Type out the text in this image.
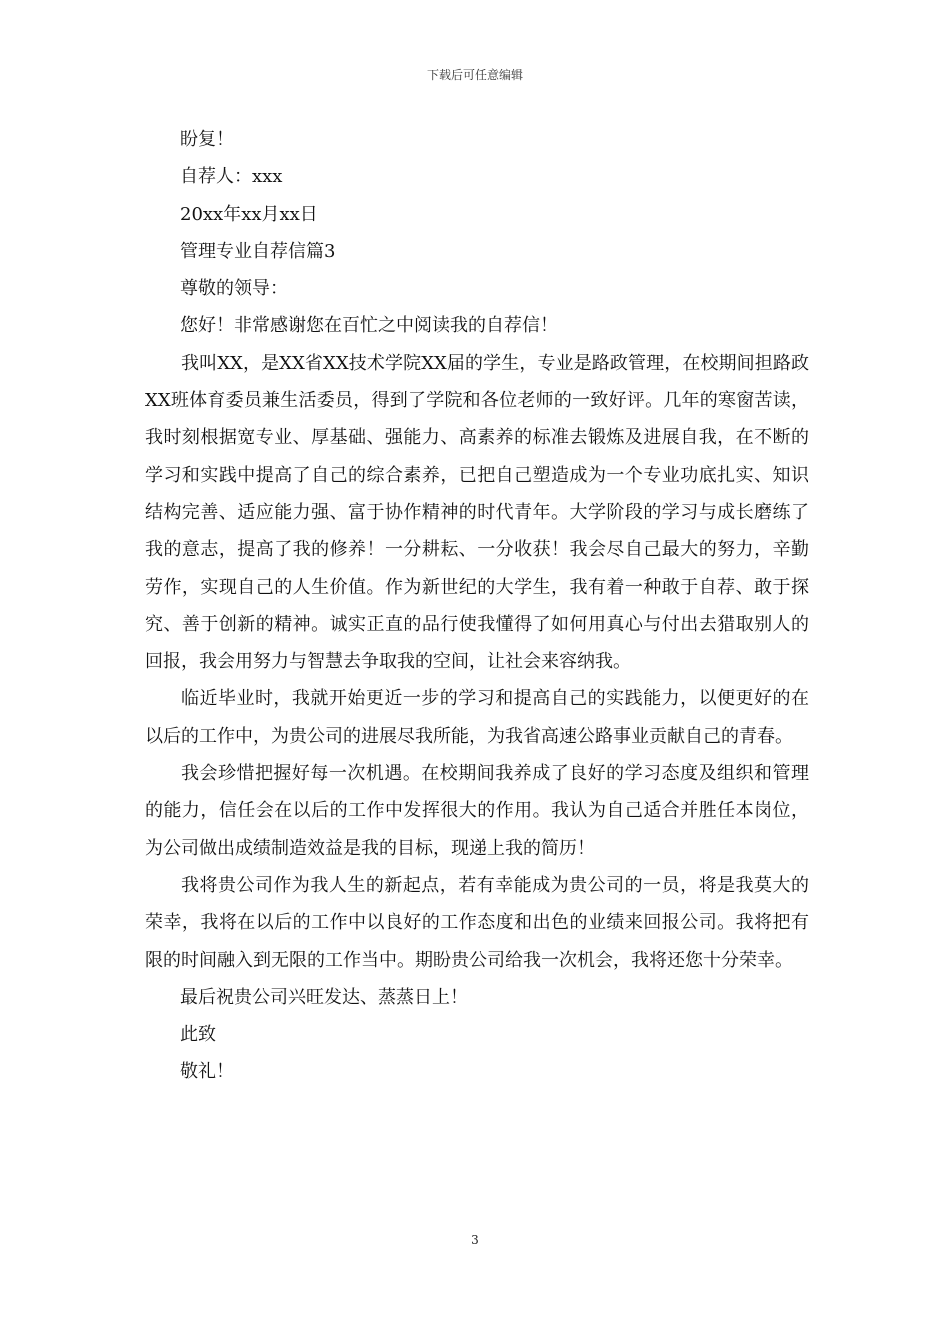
下载后可任意编辑

盼复！

自荐人：xxx

20xx年xx月xx日

管理专业自荐信篇3

尊敬的领导：

您好！非常感谢您在百忙之中阅读我的自荐信！

我叫XX，是XX省XX技术学院XX届的学生，专业是路政管理，在校期间担路政XX班体育委员兼生活委员，得到了学院和各位老师的一致好评。几年的寒窗苦读，我时刻根据宽专业、厚基础、强能力、高素养的标准去锻炼及进展自我，在不断的学习和实践中提高了自己的综合素养，已把自己塑造成为一个专业功底扎实、知识结构完善、适应能力强、富于协作精神的时代青年。大学阶段的学习与成长磨练了我的意志，提高了我的修养！一分耕耘、一分收获！我会尽自己最大的努力，辛勤劳作，实现自己的人生价值。作为新世纪的大学生，我有着一种敢于自荐、敢于探究、善于创新的精神。诚实正直的品行使我懂得了如何用真心与付出去猎取别人的回报，我会用努力与智慧去争取我的空间，让社会来容纳我。

临近毕业时，我就开始更近一步的学习和提高自己的实践能力，以便更好的在以后的工作中，为贵公司的进展尽我所能，为我省高速公路事业贡献自己的青春。

我会珍惜把握好每一次机遇。在校期间我养成了良好的学习态度及组织和管理的能力，信任会在以后的工作中发挥很大的作用。我认为自己适合并胜任本岗位，为公司做出成绩制造效益是我的目标，现递上我的简历！

我将贵公司作为我人生的新起点，若有幸能成为贵公司的一员，将是我莫大的荣幸，我将在以后的工作中以良好的工作态度和出色的业绩来回报公司。我将把有限的时间融入到无限的工作当中。期盼贵公司给我一次机会，我将还您十分荣幸。

最后祝贵公司兴旺发达、蒸蒸日上！

此致

敬礼！

3
